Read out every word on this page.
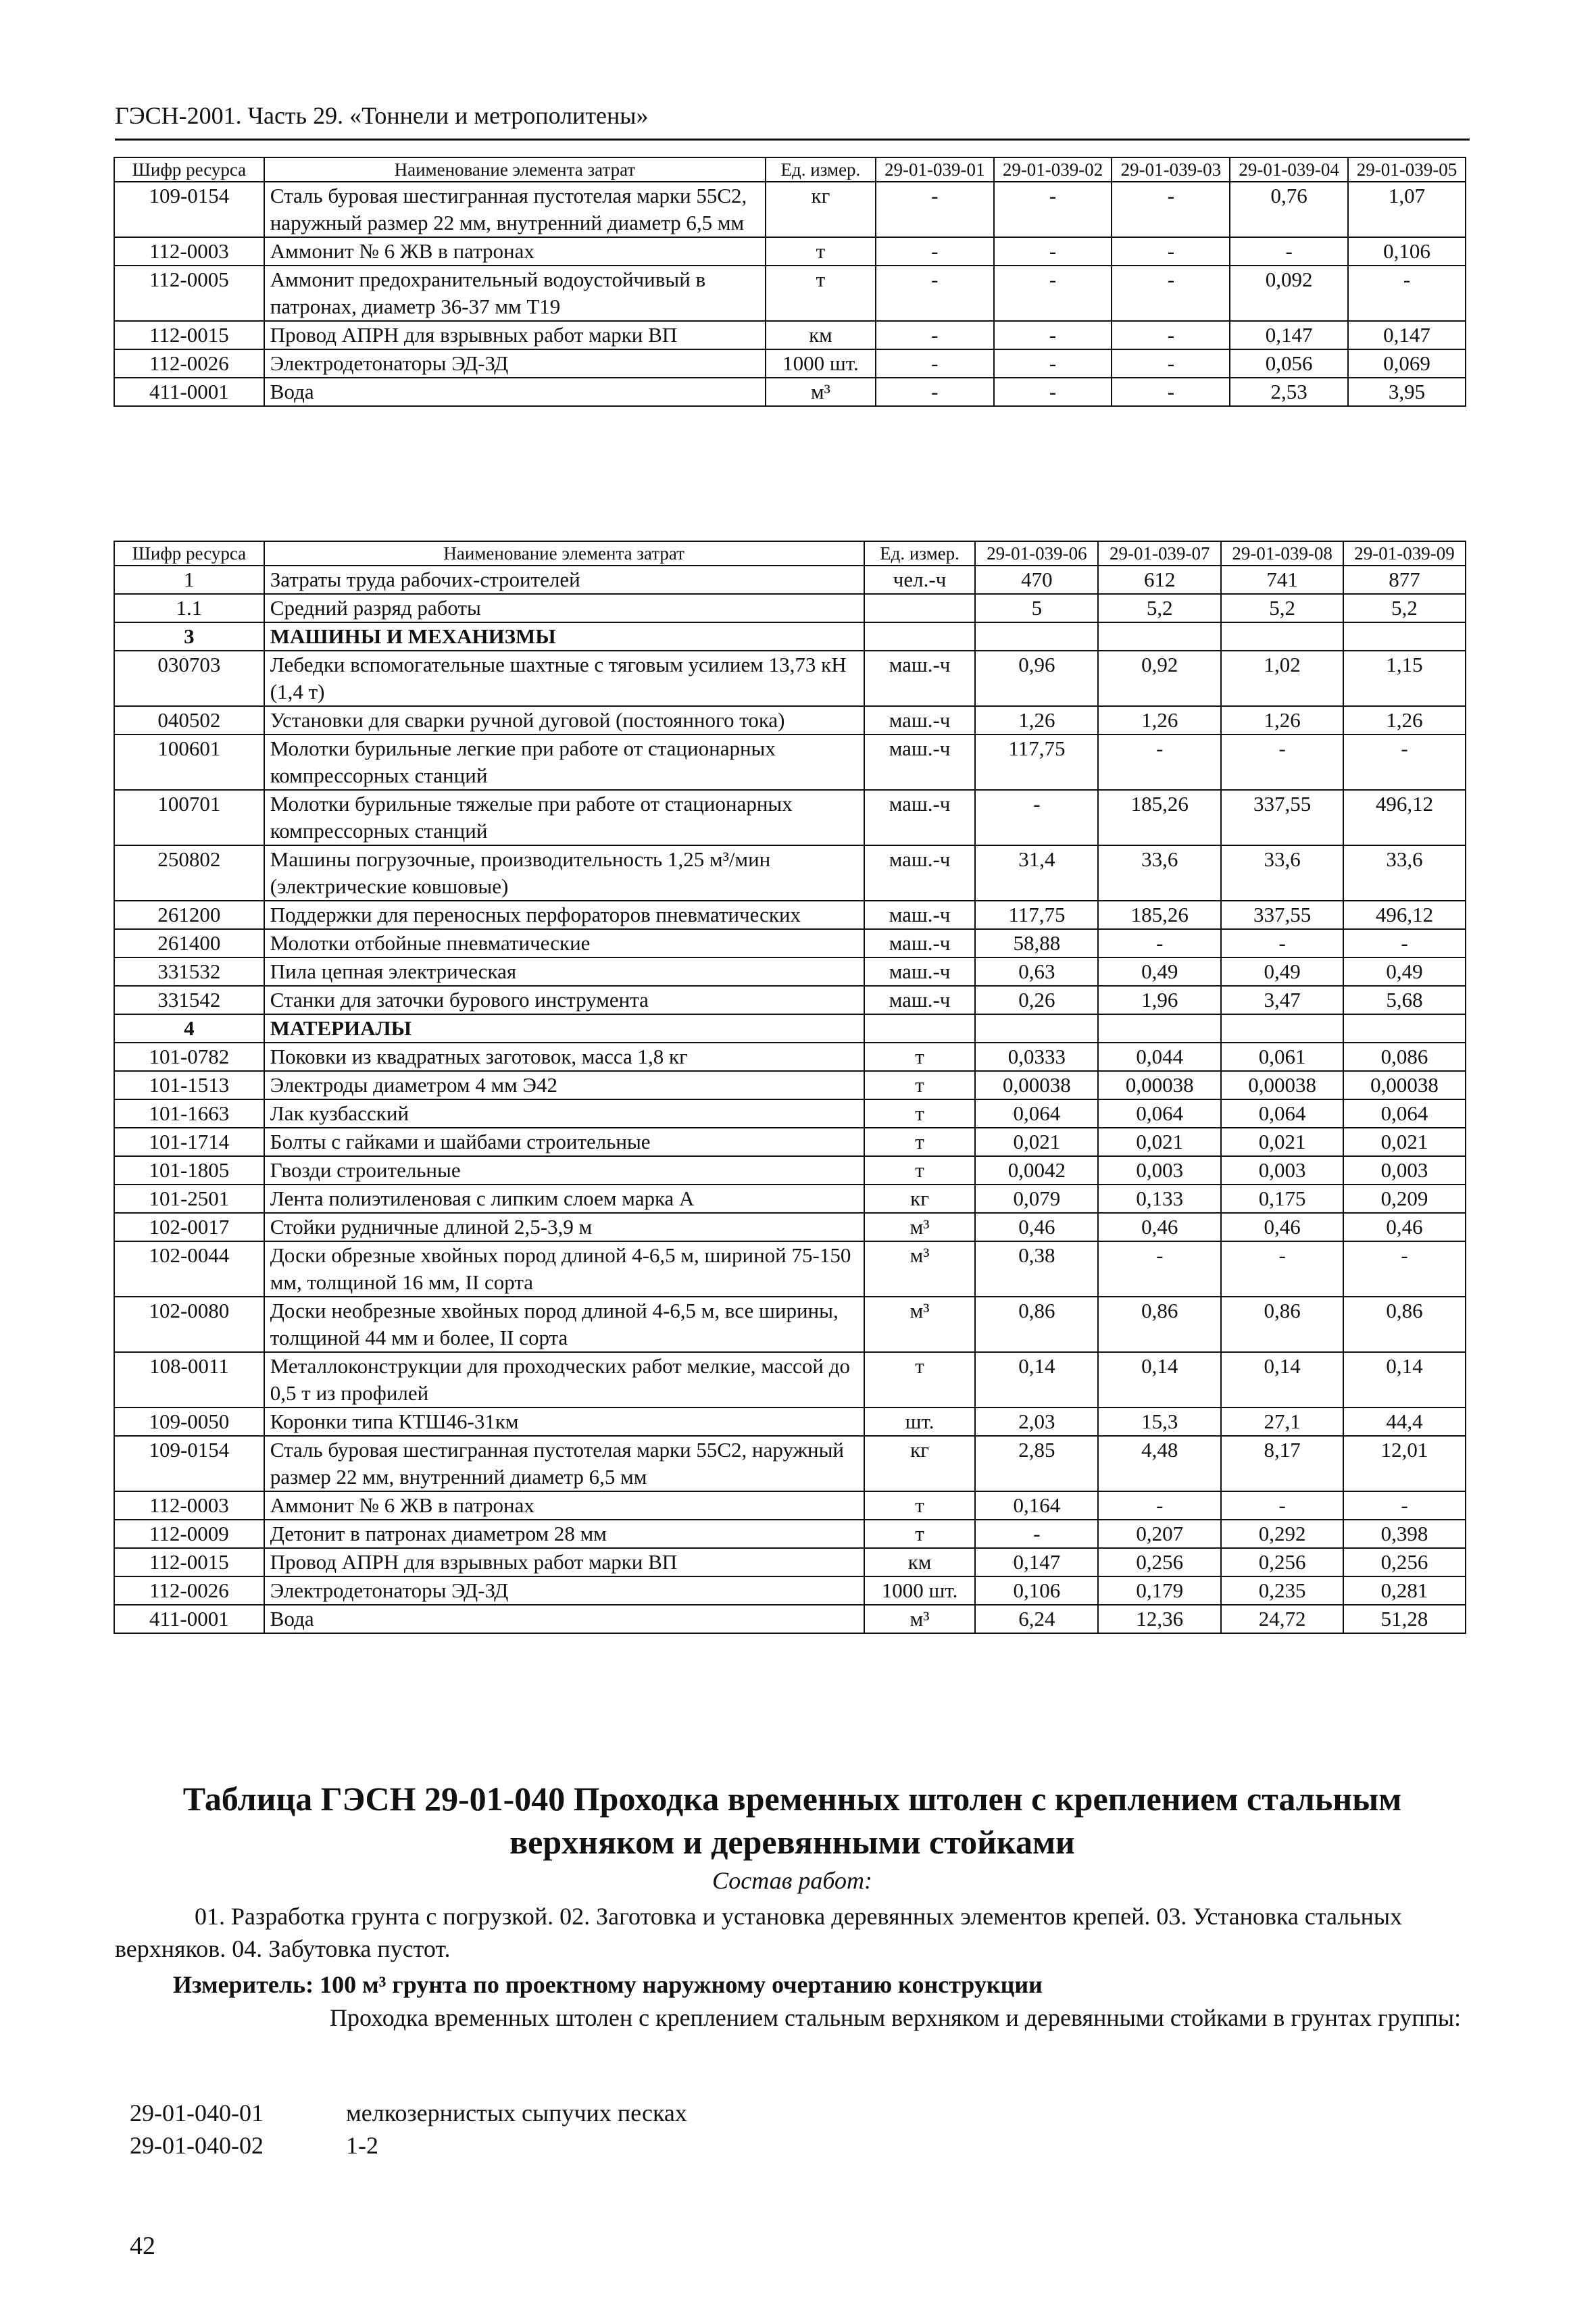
ГЭСН-2001. Часть 29. «Тоннели и метрополитены»
Шифр ресурса	Наименование элемента затрат	Ед. измер.	29-01-039-01	29-01-039-02	29-01-039-03	29-01-039-04	29-01-039-05
109-0154	Сталь буровая шестигранная пустотелая марки 55С2, наружный размер 22 мм, внутренний диаметр 6,5 мм	кг	-	-	-	0,76	1,07
112-0003	Аммонит № 6 ЖВ в патронах	т	-	-	-	-	0,106
112-0005	Аммонит предохранительный водоустойчивый в патронах, диаметр 36-37 мм Т19	т	-	-	-	0,092	-
112-0015	Провод АПРН для взрывных работ марки ВП	км	-	-	-	0,147	0,147
112-0026	Электродетонаторы ЭД-ЗД	1000 шт.	-	-	-	0,056	0,069
411-0001	Вода	м³	-	-	-	2,53	3,95
Шифр ресурса	Наименование элемента затрат	Ед. измер.	29-01-039-06	29-01-039-07	29-01-039-08	29-01-039-09
1	Затраты труда рабочих-строителей	чел.-ч	470	612	741	877
1.1	Средний разряд работы		5	5,2	5,2	5,2
3	МАШИНЫ И МЕХАНИЗМЫ					
030703	Лебедки вспомогательные шахтные с тяговым усилием 13,73 кН (1,4 т)	маш.-ч	0,96	0,92	1,02	1,15
040502	Установки для сварки ручной дуговой (постоянного тока)	маш.-ч	1,26	1,26	1,26	1,26
100601	Молотки бурильные легкие при работе от стационарных компрессорных станций	маш.-ч	117,75	-	-	-
100701	Молотки бурильные тяжелые при работе от стационарных компрессорных станций	маш.-ч	-	185,26	337,55	496,12
250802	Машины погрузочные, производительность 1,25 м³/мин (электрические ковшовые)	маш.-ч	31,4	33,6	33,6	33,6
261200	Поддержки для переносных перфораторов пневматических	маш.-ч	117,75	185,26	337,55	496,12
261400	Молотки отбойные пневматические	маш.-ч	58,88	-	-	-
331532	Пила цепная электрическая	маш.-ч	0,63	0,49	0,49	0,49
331542	Станки для заточки бурового инструмента	маш.-ч	0,26	1,96	3,47	5,68
4	МАТЕРИАЛЫ					
101-0782	Поковки из квадратных заготовок, масса 1,8 кг	т	0,0333	0,044	0,061	0,086
101-1513	Электроды диаметром 4 мм Э42	т	0,00038	0,00038	0,00038	0,00038
101-1663	Лак кузбасский	т	0,064	0,064	0,064	0,064
101-1714	Болты с гайками и шайбами строительные	т	0,021	0,021	0,021	0,021
101-1805	Гвозди строительные	т	0,0042	0,003	0,003	0,003
101-2501	Лента полиэтиленовая с липким слоем марка А	кг	0,079	0,133	0,175	0,209
102-0017	Стойки рудничные длиной 2,5-3,9 м	м³	0,46	0,46	0,46	0,46
102-0044	Доски обрезные хвойных пород длиной 4-6,5 м, шириной 75-150 мм, толщиной 16 мм, II сорта	м³	0,38	-	-	-
102-0080	Доски необрезные хвойных пород длиной 4-6,5 м, все ширины, толщиной 44 мм и более, II сорта	м³	0,86	0,86	0,86	0,86
108-0011	Металлоконструкции для проходческих работ мелкие, массой до 0,5 т из профилей	т	0,14	0,14	0,14	0,14
109-0050	Коронки типа КТШ46-31км	шт.	2,03	15,3	27,1	44,4
109-0154	Сталь буровая шестигранная пустотелая марки 55С2, наружный размер 22 мм, внутренний диаметр 6,5 мм	кг	2,85	4,48	8,17	12,01
112-0003	Аммонит № 6 ЖВ в патронах	т	0,164	-	-	-
112-0009	Детонит в патронах диаметром 28 мм	т	-	0,207	0,292	0,398
112-0015	Провод АПРН для взрывных работ марки ВП	км	0,147	0,256	0,256	0,256
112-0026	Электродетонаторы ЭД-ЗД	1000 шт.	0,106	0,179	0,235	0,281
411-0001	Вода	м³	6,24	12,36	24,72	51,28
Таблица ГЭСН 29-01-040 Проходка временных штолен с креплением стальным верхняком и деревянными стойками
Состав работ:
01. Разработка грунта с погрузкой. 02. Заготовка и установка деревянных элементов крепей. 03. Установка стальных верхняков. 04. Забутовка пустот.
Измеритель: 100 м³ грунта по проектному наружному очертанию конструкции
Проходка временных штолен с креплением стальным верхняком и деревянными стойками в грунтах группы:
29-01-040-01	мелкозернистых сыпучих песках
29-01-040-02	1-2
42
